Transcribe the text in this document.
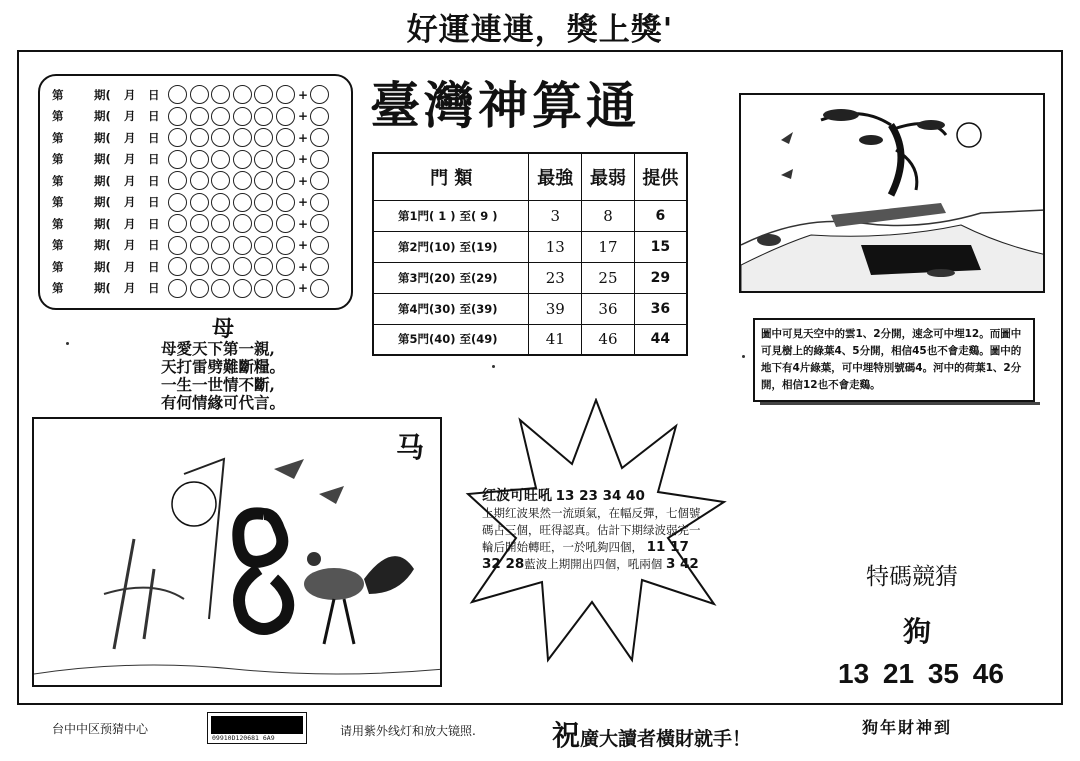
好運連連，獎上獎'
第	期(	月	日	+
第	期(	月	日	+
第	期(	月	日	+
第	期(	月	日	+
第	期(	月	日	+
第	期(	月	日	+
第	期(	月	日	+
第	期(	月	日	+
第	期(	月	日	+
第	期(	月	日	+
臺灣神算通
門 類	最強	最弱	提供
第1門( 1 ) 至( 9 )	3	8	6
第2門(10) 至(19)	13	17	15
第3門(20) 至(29)	23	25	29
第4門(30) 至(39)	39	36	36
第5門(40) 至(49)	41	46	44
母
母愛天下第一親,
天打雷劈難斷糧。
一生一世情不斷,
有何情緣可代言。
圖中可見天空中的雲1、2分開，速念可中埋12。而圖中可見樹上的綠葉4、5分開，相信45也不會走鷄。圖中的地下有4片綠葉，可中埋特別號碼4。河中的荷葉1、2分開，相信12也不會走鷄。
马
红波可旺吼 13 23 34 40
上期红波果然一流頭氣，在幅反彈，七個號碼占三個，旺得認真。估計下期绿波弱完一輪后開始轉旺，一於吼夠四個， 11 17 32 28藍波上期開出四個，吼兩個 3 42	特碼競猜
狗
13 21 35 46
台中中区预猜中心
09910D120681 6A9	请用紫外线灯和放大镜照.	祝廣大讀者橫財就手！
狗年財神到
